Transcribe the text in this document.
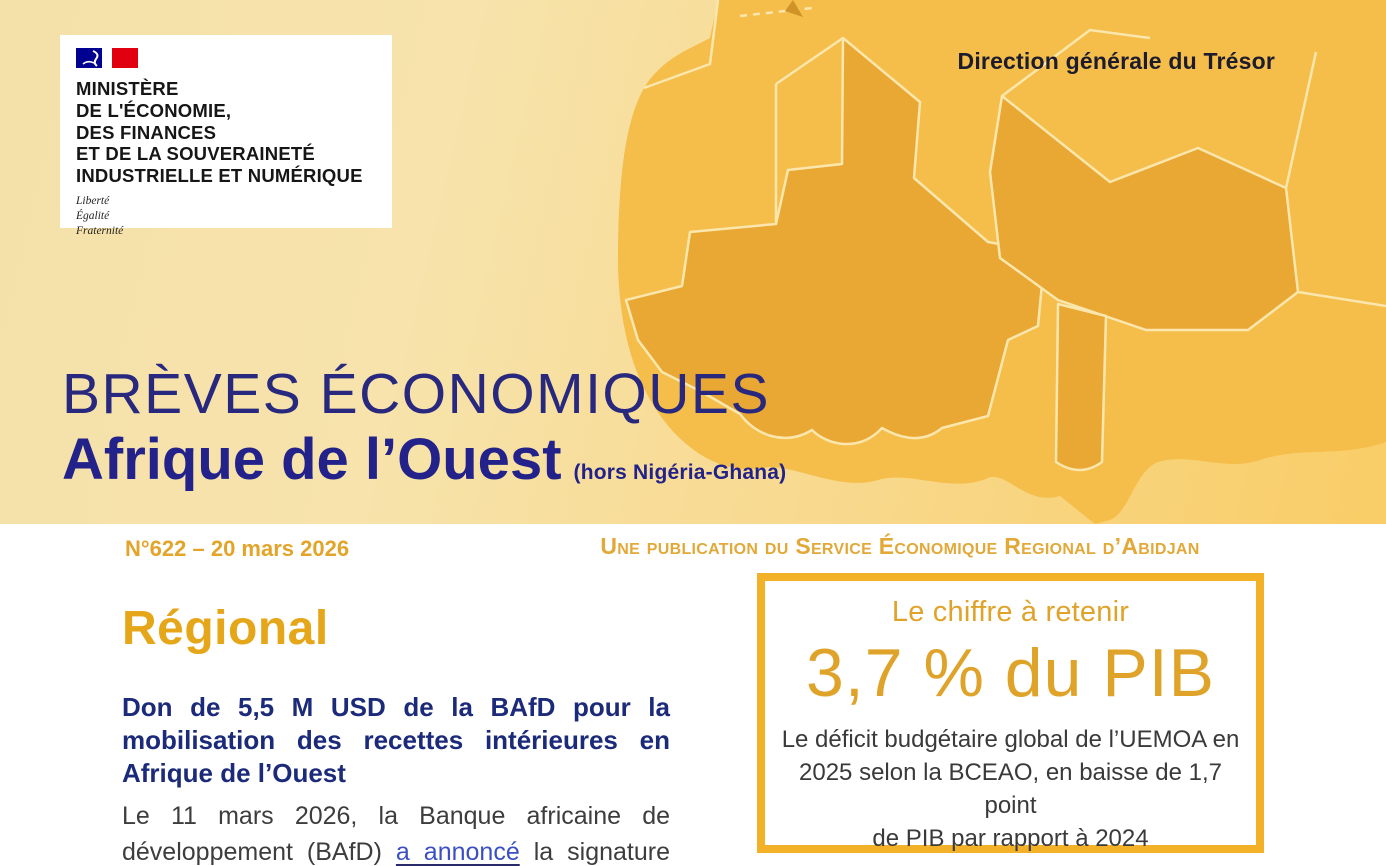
MINISTÈRE
DE L'ÉCONOMIE,
DES FINANCES
ET DE LA SOUVERAINETÉ
INDUSTRIELLE ET NUMÉRIQUE
Liberté
Égalité
Fraternité
Direction générale du Trésor
BRÈVES ÉCONOMIQUES
Afrique de l’Ouest (hors Nigéria-Ghana)
N°622 – 20 mars 2026	Une publication du Service Économique Regional d’Abidjan
Régional
Don de 5,5 M USD de la BAfD pour la
mobilisation des recettes intérieures en
Afrique de l’Ouest
Le 11 mars 2026, la Banque africaine de
développement (BAfD) a annoncé la signature
Le chiffre à retenir
3,7 % du PIB
Le déficit budgétaire global de l’UEMOA en
2025 selon la BCEAO, en baisse de 1,7 point
de PIB par rapport à 2024
